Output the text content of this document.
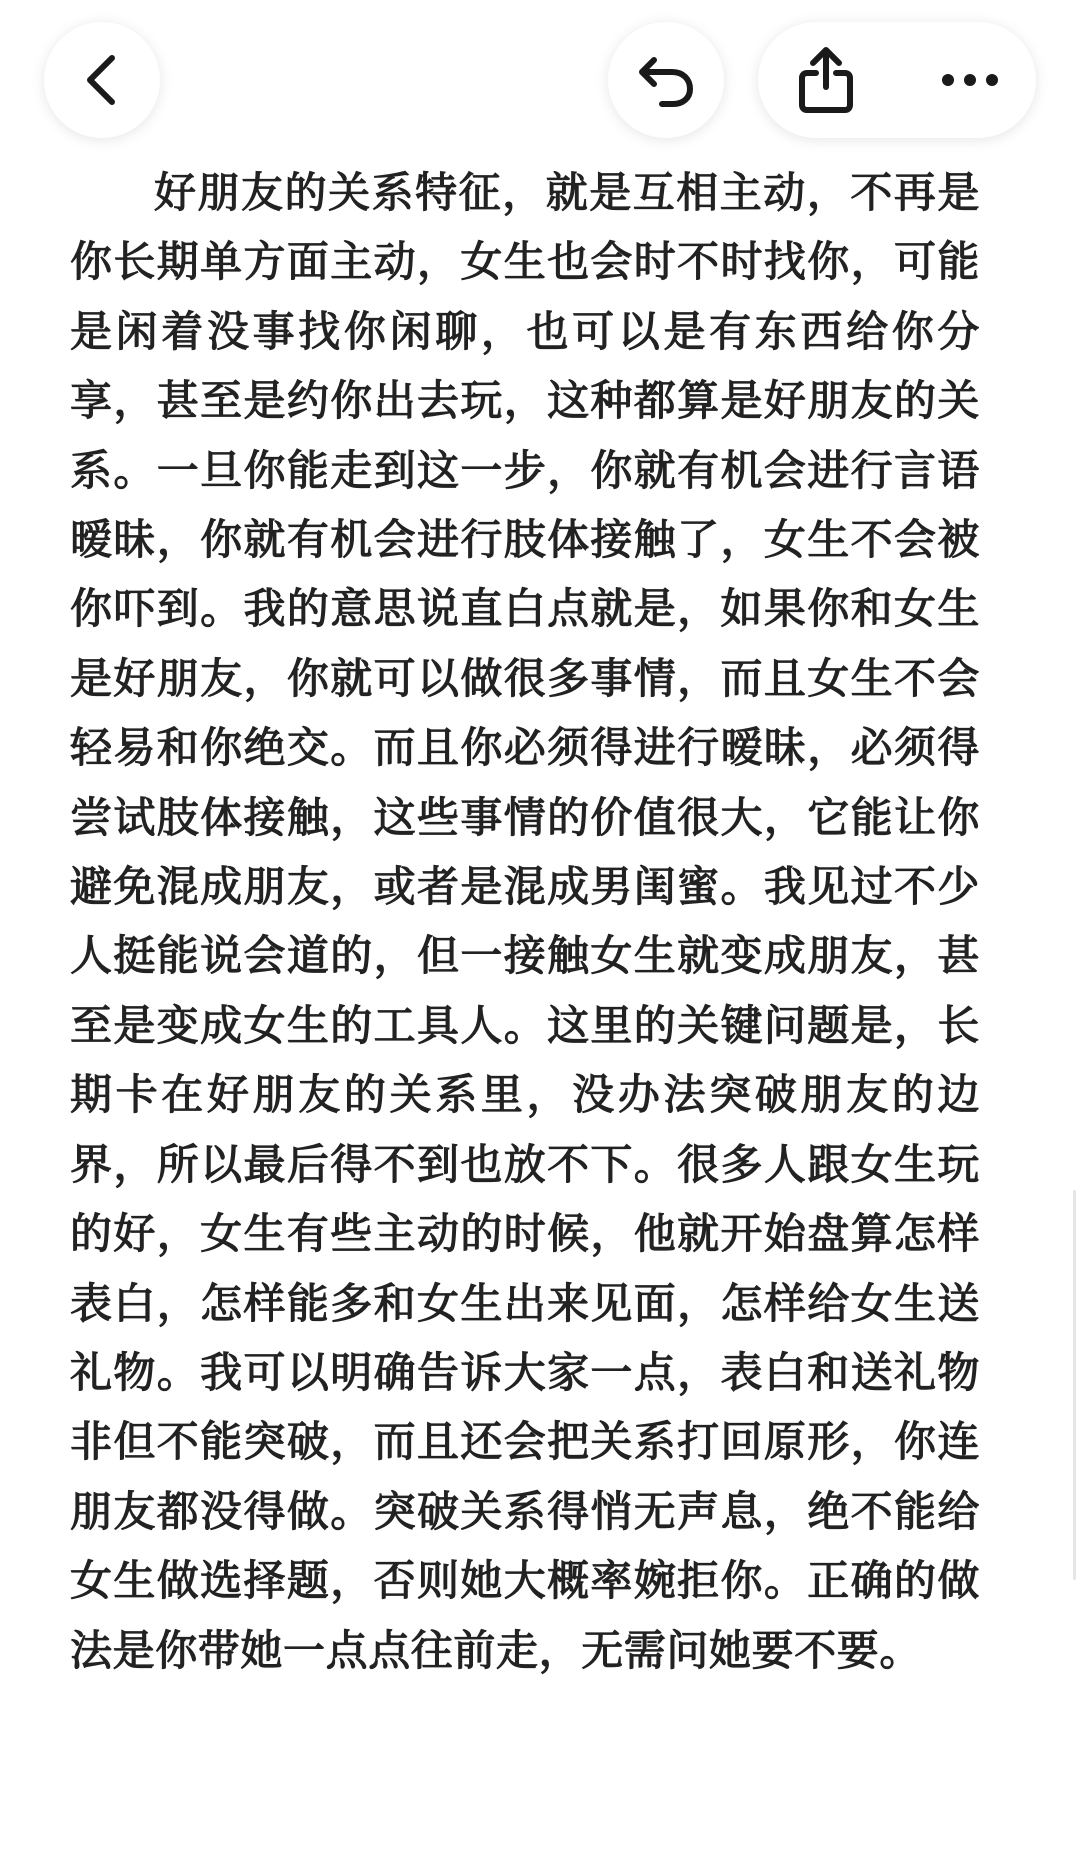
好朋友的关系特征，就是互相主动，不再是你长期单方面主动，女生也会时不时找你，可能是闲着没事找你闲聊，也可以是有东西给你分享，甚至是约你出去玩，这种都算是好朋友的关系。一旦你能走到这一步，你就有机会进行言语暧昧，你就有机会进行肢体接触了，女生不会被你吓到。我的意思说直白点就是，如果你和女生是好朋友，你就可以做很多事情，而且女生不会轻易和你绝交。而且你必须得进行暧昧，必须得尝试肢体接触，这些事情的价值很大，它能让你避免混成朋友，或者是混成男闺蜜。我见过不少人挺能说会道的，但一接触女生就变成朋友，甚至是变成女生的工具人。这里的关键问题是，长期卡在好朋友的关系里，没办法突破朋友的边界，所以最后得不到也放不下。很多人跟女生玩的好，女生有些主动的时候，他就开始盘算怎样表白，怎样能多和女生出来见面，怎样给女生送礼物。我可以明确告诉大家一点，表白和送礼物非但不能突破，而且还会把关系打回原形，你连朋友都没得做。突破关系得悄无声息，绝不能给女生做选择题，否则她大概率婉拒你。正确的做法是你带她一点点往前走，无需问她要不要。
